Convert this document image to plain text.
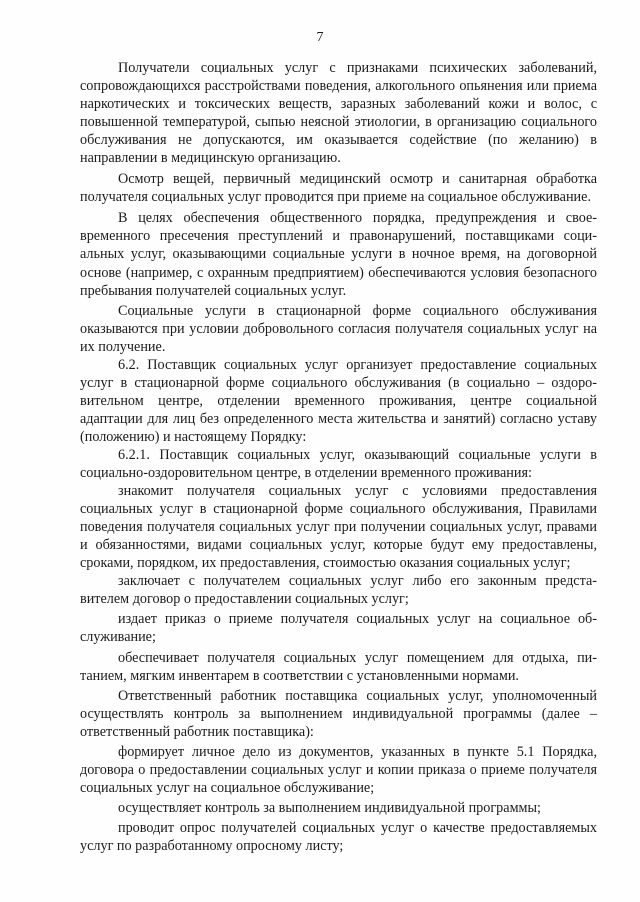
7

Получатели социальных услуг с признаками психических заболеваний, сопровождающихся расстройствами поведения, алкогольного опьянения или приема наркотических и токсических веществ, заразных заболеваний кожи и волос, с повышенной температурой, сыпью неясной этиологии, в организацию социального обслуживания не допускаются, им оказывается содействие (по желанию) в направлении в медицинскую организацию.

Осмотр вещей, первичный медицинский осмотр и санитарная обработка получателя социальных услуг проводится при приеме на социальное обслуживание.

В целях обеспечения общественного порядка, предупреждения и своевременного пресечения преступлений и правонарушений, поставщиками социальных услуг, оказывающими социальные услуги в ночное время, на договорной основе (например, с охранным предприятием) обеспечиваются условия безопасного пребывания получателей социальных услуг.

Социальные услуги в стационарной форме социального обслуживания оказываются при условии добровольного согласия получателя социальных услуг на их получение.

6.2. Поставщик социальных услуг организует предоставление социальных услуг в стационарной форме социального обслуживания (в социально – оздоровительном центре, отделении временного проживания, центре социальной адаптации для лиц без определенного места жительства и занятий) согласно уставу (положению) и настоящему Порядку:

6.2.1. Поставщик социальных услуг, оказывающий социальные услуги в социально-оздоровительном центре, в отделении временного проживания:

знакомит получателя социальных услуг с условиями предоставления социальных услуг в стационарной форме социального обслуживания, Правилами поведения получателя социальных услуг при получении социальных услуг, правами и обязанностями, видами социальных услуг, которые будут ему предоставлены, сроками, порядком, их предоставления, стоимостью оказания социальных услуг;

заключает с получателем социальных услуг либо его законным представителем договор о предоставлении социальных услуг;

издает приказ о приеме получателя социальных услуг на социальное обслуживание;

обеспечивает получателя социальных услуг помещением для отдыха, питанием, мягким инвентарем в соответствии с установленными нормами.

Ответственный работник поставщика социальных услуг, уполномоченный осуществлять контроль за выполнением индивидуальной программы (далее – ответственный работник поставщика):

формирует личное дело из документов, указанных в пункте 5.1 Порядка, договора о предоставлении социальных услуг и копии приказа о приеме получателя социальных услуг на социальное обслуживание;

осуществляет контроль за выполнением индивидуальной программы;

проводит опрос получателей социальных услуг о качестве предоставляемых услуг по разработанному опросному листу;
